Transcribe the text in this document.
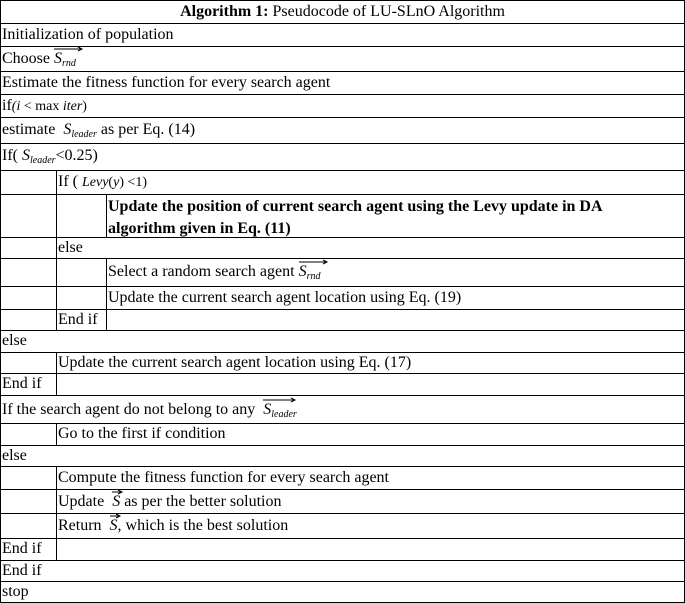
Algorithm 1: Pseudocode of LU-SLnO Algorithm
Initialization of population
Choose $S_{rnd}$
Estimate the fitness function for every search agent
if(i < max iter)
estimate $S_{leader}$ as per Eq. (14)
If( $S_{leader}<0.25$)
If ( Levy(y) <1)
Update the position of current search agent using the Levy update in DA
algorithm given in Eq. (11)
else
Select a random search agent $S_{rnd}$
Update the current search agent location using Eq. (19)
End if
else
Update the current search agent location using Eq. (17)
End if
If the search agent do not belong to any $S_{leader}$
Go to the first if condition
else
Compute the fitness function for every search agent
Update S as per the better solution
Return S, which is the best solution
End if
End if
stop
